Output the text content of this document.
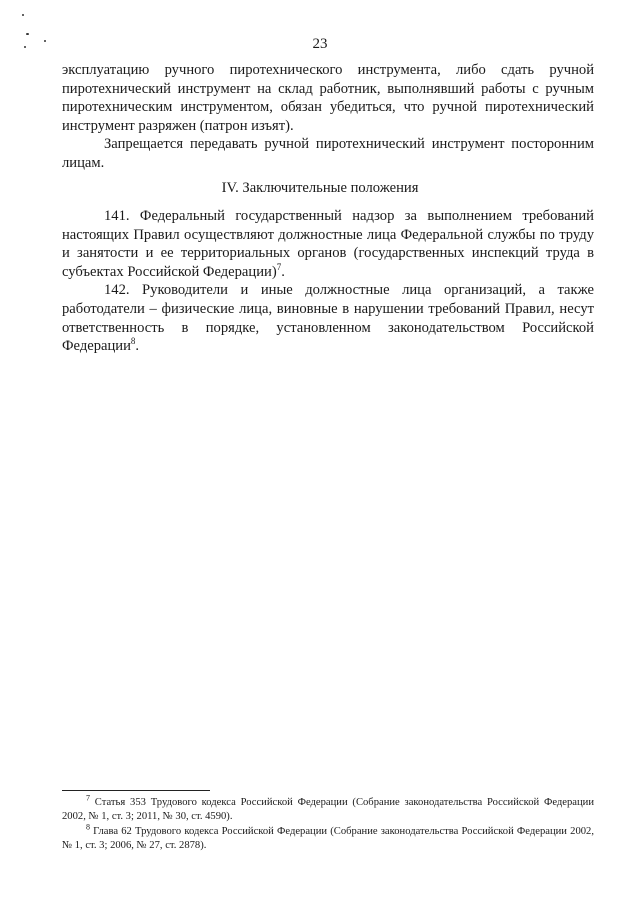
23

эксплуатацию ручного пиротехнического инструмента, либо сдать ручной пиротехнический инструмент на склад работник, выполнявший работы с ручным пиротехническим инструментом, обязан убедиться, что ручной пиротехнический инструмент разряжен (патрон изъят).

Запрещается передавать ручной пиротехнический инструмент посторонним лицам.

IV. Заключительные положения

141. Федеральный государственный надзор за выполнением требований настоящих Правил осуществляют должностные лица Федеральной службы по труду и занятости и ее территориальных органов (государственных инспекций труда в субъектах Российской Федерации)$^7$.

142. Руководители и иные должностные лица организаций, а также работодатели – физические лица, виновные в нарушении требований Правил, несут ответственность в порядке, установленном законодательством Российской Федерации$^8$.

$^7$ Статья 353 Трудового кодекса Российской Федерации (Собрание законодательства Российской Федерации 2002, № 1, ст. 3; 2011, № 30, ст. 4590).

$^8$ Глава 62 Трудового кодекса Российской Федерации (Собрание законодательства Российской Федерации 2002, № 1, ст. 3; 2006, № 27, ст. 2878).
